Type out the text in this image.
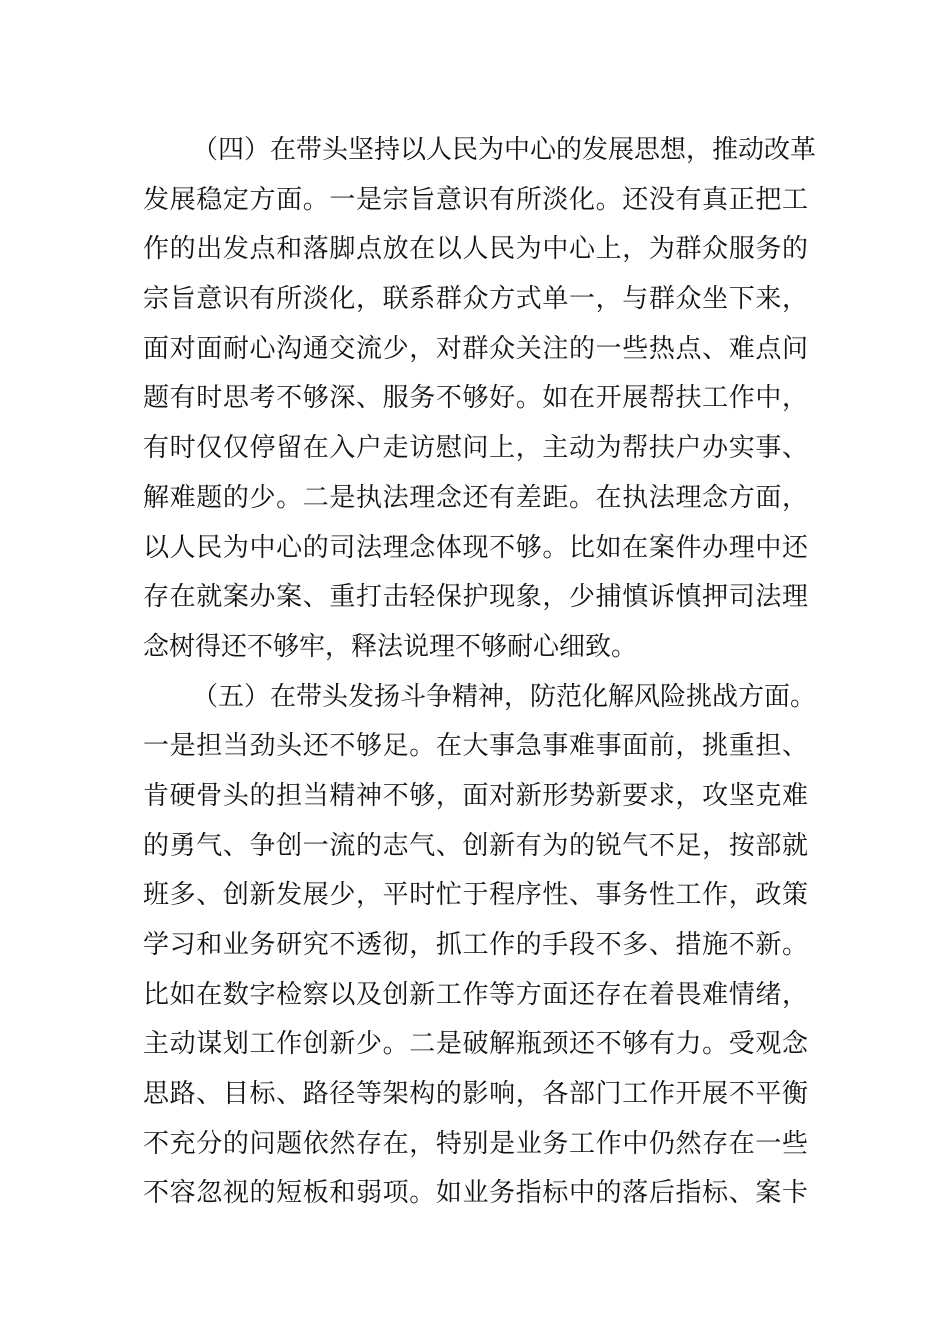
（四）在带头坚持以人民为中心的发展思想，推动改革
发展稳定方面。一是宗旨意识有所淡化。还没有真正把工
作的出发点和落脚点放在以人民为中心上，为群众服务的
宗旨意识有所淡化，联系群众方式单一，与群众坐下来，
面对面耐心沟通交流少，对群众关注的一些热点、难点问
题有时思考不够深、服务不够好。如在开展帮扶工作中，
有时仅仅停留在入户走访慰问上，主动为帮扶户办实事、
解难题的少。二是执法理念还有差距。在执法理念方面，
以人民为中心的司法理念体现不够。比如在案件办理中还
存在就案办案、重打击轻保护现象，少捕慎诉慎押司法理
念树得还不够牢，释法说理不够耐心细致。
（五）在带头发扬斗争精神，防范化解风险挑战方面。
一是担当劲头还不够足。在大事急事难事面前，挑重担、
肯硬骨头的担当精神不够，面对新形势新要求，攻坚克难
的勇气、争创一流的志气、创新有为的锐气不足，按部就
班多、创新发展少，平时忙于程序性、事务性工作，政策
学习和业务研究不透彻，抓工作的手段不多、措施不新。
比如在数字检察以及创新工作等方面还存在着畏难情绪，
主动谋划工作创新少。二是破解瓶颈还不够有力。受观念
思路、目标、路径等架构的影响，各部门工作开展不平衡
不充分的问题依然存在，特别是业务工作中仍然存在一些
不容忽视的短板和弱项。如业务指标中的落后指标、案卡
